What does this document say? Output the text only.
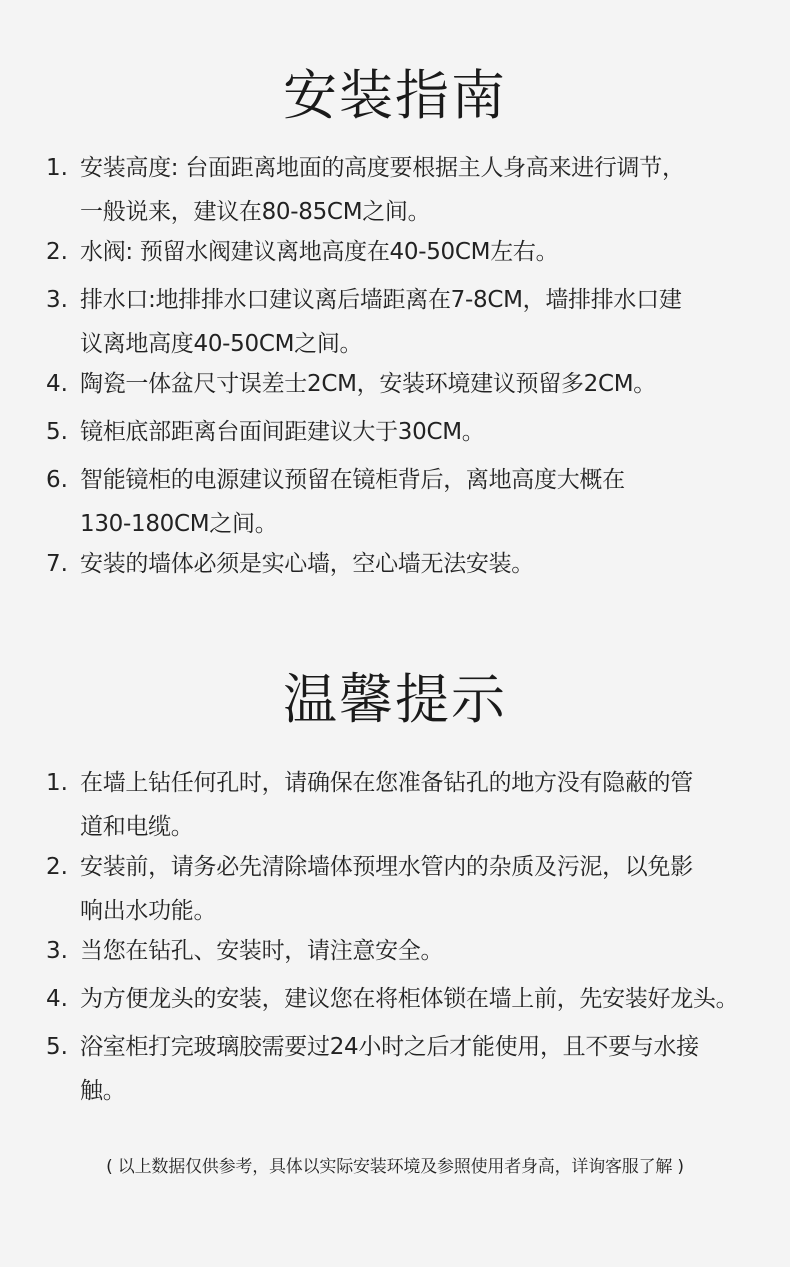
安装指南
1. 安装高度: 台面距离地面的高度要根据主人身高来进行调节，
一般说来，建议在80-85CM之间。
2. 水阀: 预留水阀建议离地高度在40-50CM左右。
3. 排水口:地排排水口建议离后墙距离在7-8CM，墙排排水口建
议离地高度40-50CM之间。
4. 陶瓷一体盆尺寸误差士2CM，安装环境建议预留多2CM。
5. 镜柜底部距离台面间距建议大于30CM。
6. 智能镜柜的电源建议预留在镜柜背后，离地高度大概在
130-180CM之间。
7. 安装的墙体必须是实心墙，空心墙无法安装。
温馨提示
1. 在墙上钻任何孔时，请确保在您准备钻孔的地方没有隐蔽的管
道和电缆。
2. 安装前，请务必先清除墙体预埋水管内的杂质及污泥，以免影
响出水功能。
3. 当您在钻孔、安装时，请注意安全。
4. 为方便龙头的安装，建议您在将柜体锁在墙上前，先安装好龙头。
5. 浴室柜打完玻璃胶需要过24小时之后才能使用，且不要与水接
触。
( 以上数据仅供参考，具体以实际安装环境及参照使用者身高，详询客服了解 )
